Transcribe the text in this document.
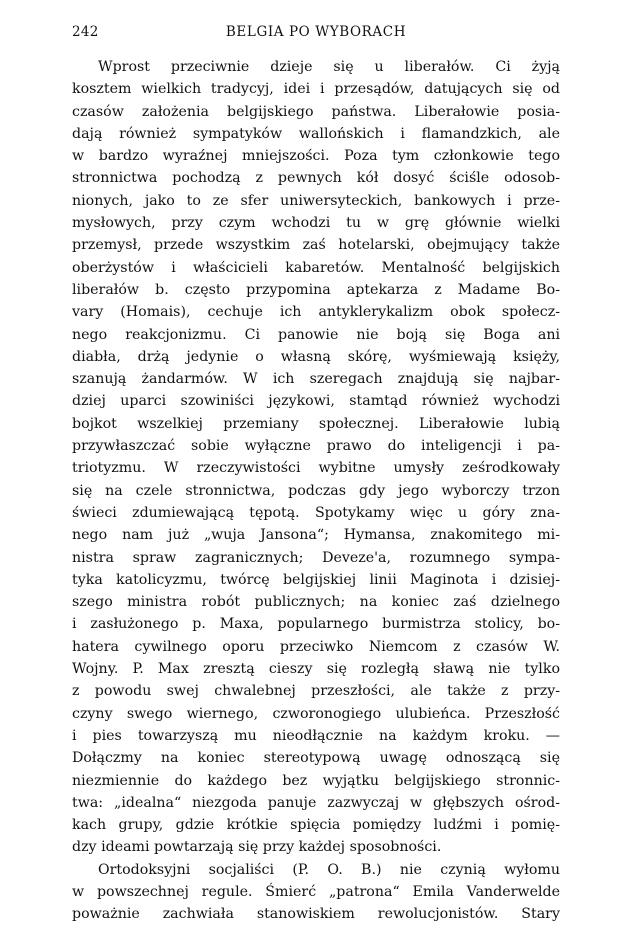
242	BELGIA PO WYBORACH
Wprost przeciwnie dzieje się u liberałów. Ci żyją
kosztem wielkich tradycyj, idei i przesądów, datujących się od
czasów założenia belgijskiego państwa. Liberałowie posia-
dają również sympatyków wallońskich i flamandzkich, ale
w bardzo wyraźnej mniejszości. Poza tym członkowie tego
stronnictwa pochodzą z pewnych kół dosyć ściśle odosob-
nionych, jako to ze sfer uniwersyteckich, bankowych i prze-
mysłowych, przy czym wchodzi tu w grę głównie wielki
przemysł, przede wszystkim zaś hotelarski, obejmujący także
oberżystów i właścicieli kabaretów. Mentalność belgijskich
liberałów b. często przypomina aptekarza z Madame Bo-
vary (Homais), cechuje ich antyklerykalizm obok społecz-
nego reakcjonizmu. Ci panowie nie boją się Boga ani
diabła, drżą jedynie o własną skórę, wyśmiewają księży,
szanują żandarmów. W ich szeregach znajdują się najbar-
dziej uparci szowiniści językowi, stamtąd również wychodzi
bojkot wszelkiej przemiany społecznej. Liberałowie lubią
przywłaszczać sobie wyłączne prawo do inteligencji i pa-
triotyzmu. W rzeczywistości wybitne umysły ześrodkowały
się na czele stronnictwa, podczas gdy jego wyborczy trzon
świeci zdumiewającą tępotą. Spotykamy więc u góry zna-
nego nam już „wuja Jansona“; Hymansa, znakomitego mi-
nistra spraw zagranicznych; Deveze'a, rozumnego sympa-
tyka katolicyzmu, twórcę belgijskiej linii Maginota i dzisiej-
szego ministra robót publicznych; na koniec zaś dzielnego
i zasłużonego p. Maxa, popularnego burmistrza stolicy, bo-
hatera cywilnego oporu przeciwko Niemcom z czasów W.
Wojny. P. Max zresztą cieszy się rozległą sławą nie tylko
z powodu swej chwalebnej przeszłości, ale także z przy-
czyny swego wiernego, czworonogiego ulubieńca. Przeszłość
i pies towarzyszą mu nieodłącznie na każdym kroku. —
Dołączmy na koniec stereotypową uwagę odnoszącą się
niezmiennie do każdego bez wyjątku belgijskiego stronnic-
twa: „idealna“ niezgoda panuje zazwyczaj w głębszych ośrod-
kach grupy, gdzie krótkie spięcia pomiędzy ludźmi i pomię-
dzy ideami powtarzają się przy każdej sposobności.
Ortodoksyjni socjaliści (P. O. B.) nie czynią wyłomu
w powszechnej regule. Śmierć „patrona“ Emila Vanderwelde
poważnie zachwiała stanowiskiem rewolucjonistów. Stary
